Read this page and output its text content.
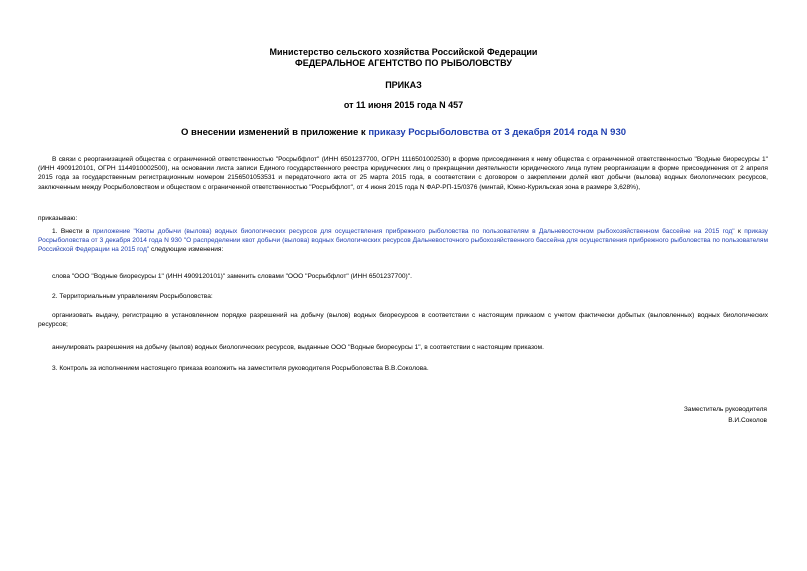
Министерство сельского хозяйства Российской Федерации
ФЕДЕРАЛЬНОЕ АГЕНТСТВО ПО РЫБОЛОВСТВУ
ПРИКАЗ
от 11 июня 2015 года N 457
О внесении изменений в приложение к приказу Росрыболовства от 3 декабря 2014 года N 930
В связи с реорганизацией общества с ограниченной ответственностью "Росрыбфлот" (ИНН 6501237700, ОГРН 1116501002530) в форме присоединения к нему общества с ограниченной ответственностью "Водные биоресурсы 1" (ИНН 4909120101, ОГРН 1144910002500), на основании листа записи Единого государственного реестра юридических лиц о прекращении деятельности юридического лица путем реорганизации в форме присоединения от 2 апреля 2015 года за государственным регистрационным номером 2156501053531 и передаточного акта от 25 марта 2015 года, в соответствии с договором о закреплении долей квот добычи (вылова) водных биологических ресурсов, заключенным между Росрыболовством и обществом с ограниченной ответственностью "Росрыбфлот", от 4 июня 2015 года N ФАР-РП-15/0376 (минтай, Южно-Курильская зона в размере 3,628%),
приказываю:
1. Внести в приложение "Квоты добычи (вылова) водных биологических ресурсов для осуществления прибрежного рыболовства по пользователям в Дальневосточном рыбохозяйственном бассейне на 2015 год" к приказу Росрыболовства от 3 декабря 2014 года N 930 "О распределении квот добычи (вылова) водных биологических ресурсов Дальневосточного рыбохозяйственного бассейна для осуществления прибрежного рыболовства по пользователям Российской Федерации на 2015 год" следующие изменения:
слова "ООО "Водные биоресурсы 1" (ИНН 4909120101)" заменить словами "ООО "Росрыбфлот" (ИНН 6501237700)".
2. Территориальным управлениям Росрыболовства:
организовать выдачу, регистрацию в установленном порядке разрешений на добычу (вылов) водных биоресурсов в соответствии с настоящим приказом с учетом фактически добытых (выловленных) водных биологических ресурсов;
аннулировать разрешения на добычу (вылов) водных биологических ресурсов, выданные ООО "Водные биоресурсы 1", в соответствии с настоящим приказом.
3. Контроль за исполнением настоящего приказа возложить на заместителя руководителя Росрыболовства В.В.Соколова.
Заместитель руководителя
В.И.Соколов
